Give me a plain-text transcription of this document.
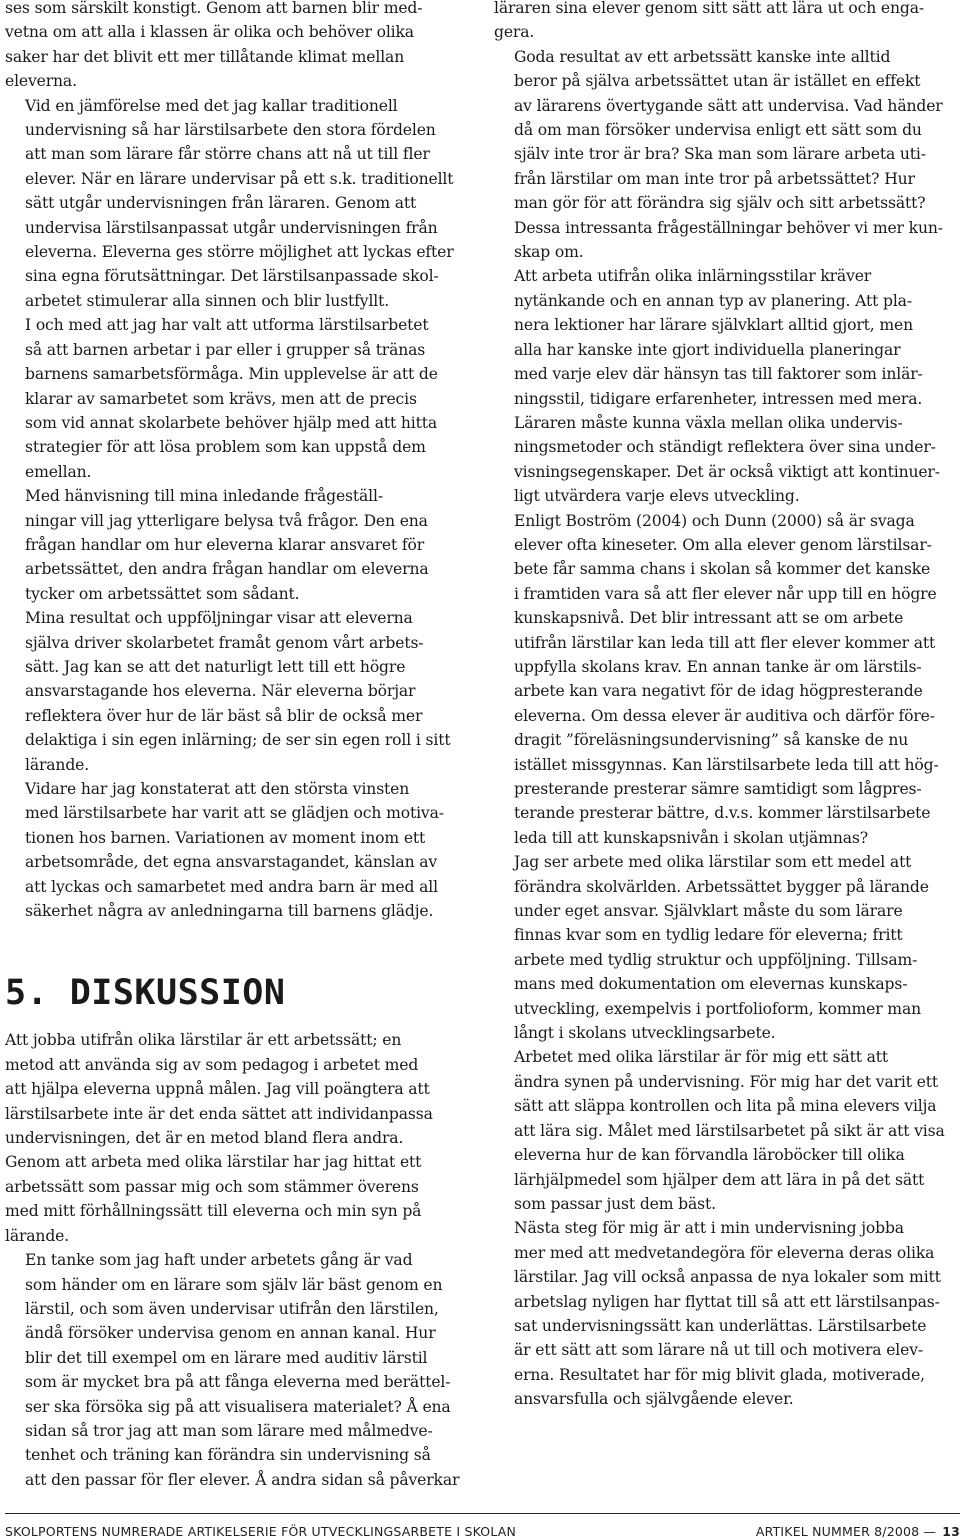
ses som särskilt konstigt. Genom att barnen blir med-
vetna om att alla i klassen är olika och behöver olika
saker har det blivit ett mer tillåtande klimat mellan
eleverna.

Vid en jämförelse med det jag kallar traditionell
undervisning så har lärstilsarbete den stora fördelen
att man som lärare får större chans att nå ut till fler
elever. När en lärare undervisar på ett s.k. traditionellt
sätt utgår undervisningen från läraren. Genom att
undervisa lärstilsanpassat utgår undervisningen från
eleverna. Eleverna ges större möjlighet att lyckas efter
sina egna förutsättningar. Det lärstilsanpassade skol-
arbetet stimulerar alla sinnen och blir lustfyllt.

I och med att jag har valt att utforma lärstilsarbetet
så att barnen arbetar i par eller i grupper så tränas
barnens samarbetsförmåga. Min upplevelse är att de
klarar av samarbetet som krävs, men att de precis
som vid annat skolarbete behöver hjälp med att hitta
strategier för att lösa problem som kan uppstå dem
emellan.

Med hänvisning till mina inledande frågeställ-
ningar vill jag ytterligare belysa två frågor. Den ena
frågan handlar om hur eleverna klarar ansvaret för
arbetssättet, den andra frågan handlar om eleverna
tycker om arbetssättet som sådant.

Mina resultat och uppföljningar visar att eleverna
själva driver skolarbetet framåt genom vårt arbets-
sätt. Jag kan se att det naturligt lett till ett högre
ansvarstagande hos eleverna. När eleverna börjar
reflektera över hur de lär bäst så blir de också mer
delaktiga i sin egen inlärning; de ser sin egen roll i sitt
lärande.

Vidare har jag konstaterat att den största vinsten
med lärstilsarbete har varit att se glädjen och motiva-
tionen hos barnen. Variationen av moment inom ett
arbetsområde, det egna ansvarstagandet, känslan av
att lyckas och samarbetet med andra barn är med all
säkerhet några av anledningarna till barnens glädje.

5. DISKUSSION

Att jobba utifrån olika lärstilar är ett arbetssätt; en
metod att använda sig av som pedagog i arbetet med
att hjälpa eleverna uppnå målen. Jag vill poängtera att
lärstilsarbete inte är det enda sättet att individanpassa
undervisningen, det är en metod bland flera andra.
Genom att arbeta med olika lärstilar har jag hittat ett
arbetssätt som passar mig och som stämmer överens
med mitt förhållningssätt till eleverna och min syn på
lärande.

En tanke som jag haft under arbetets gång är vad
som händer om en lärare som själv lär bäst genom en
lärstil, och som även undervisar utifrån den lärstilen,
ändå försöker undervisa genom en annan kanal. Hur
blir det till exempel om en lärare med auditiv lärstil
som är mycket bra på att fånga eleverna med berättel-
ser ska försöka sig på att visualisera materialet? Å ena
sidan så tror jag att man som lärare med målmedve-
tenhet och träning kan förändra sin undervisning så
att den passar för fler elever. Å andra sidan så påverkar

läraren sina elever genom sitt sätt att lära ut och enga-
gera.

Goda resultat av ett arbetssätt kanske inte alltid
beror på själva arbetssättet utan är istället en effekt
av lärarens övertygande sätt att undervisa. Vad händer
då om man försöker undervisa enligt ett sätt som du
själv inte tror är bra? Ska man som lärare arbeta uti-
från lärstilar om man inte tror på arbetssättet? Hur
man gör för att förändra sig själv och sitt arbetssätt?
Dessa intressanta frågeställningar behöver vi mer kun-
skap om.

Att arbeta utifrån olika inlärningsstilar kräver
nytänkande och en annan typ av planering. Att pla-
nera lektioner har lärare självklart alltid gjort, men
alla har kanske inte gjort individuella planeringar
med varje elev där hänsyn tas till faktorer som inlär-
ningsstil, tidigare erfarenheter, intressen med mera.
Läraren måste kunna växla mellan olika undervis-
ningsmetoder och ständigt reflektera över sina under-
visningsegenskaper. Det är också viktigt att kontinuer-
ligt utvärdera varje elevs utveckling.

Enligt Boström (2004) och Dunn (2000) så är svaga
elever ofta kineseter. Om alla elever genom lärstilsar-
bete får samma chans i skolan så kommer det kanske
i framtiden vara så att fler elever når upp till en högre
kunskapsnivå. Det blir intressant att se om arbete
utifrån lärstilar kan leda till att fler elever kommer att
uppfylla skolans krav. En annan tanke är om lärstils-
arbete kan vara negativt för de idag högpresterande
eleverna. Om dessa elever är auditiva och därför före-
dragit ”föreläsningsundervisning” så kanske de nu
istället missgynnas. Kan lärstilsarbete leda till att hög-
presterande presterar sämre samtidigt som lågpres-
terande presterar bättre, d.v.s. kommer lärstilsarbete
leda till att kunskapsnivån i skolan utjämnas?

Jag ser arbete med olika lärstilar som ett medel att
förändra skolvärlden. Arbetssättet bygger på lärande
under eget ansvar. Självklart måste du som lärare
finnas kvar som en tydlig ledare för eleverna; fritt
arbete med tydlig struktur och uppföljning. Tillsam-
mans med dokumentation om elevernas kunskaps-
utveckling, exempelvis i portfolioform, kommer man
långt i skolans utvecklingsarbete.

Arbetet med olika lärstilar är för mig ett sätt att
ändra synen på undervisning. För mig har det varit ett
sätt att släppa kontrollen och lita på mina elevers vilja
att lära sig. Målet med lärstilsarbetet på sikt är att visa
eleverna hur de kan förvandla läroböcker till olika
lärhjälpmedel som hjälper dem att lära in på det sätt
som passar just dem bäst.

Nästa steg för mig är att i min undervisning jobba
mer med att medvetandegöra för eleverna deras olika
lärstilar. Jag vill också anpassa de nya lokaler som mitt
arbetslag nyligen har flyttat till så att ett lärstilsanpas-
sat undervisningssätt kan underlättas. Lärstilsarbete
är ett sätt att som lärare nå ut till och motivera elev-
erna. Resultatet har för mig blivit glada, motiverade,
ansvarsfulla och självgående elever.

SKOLPORTENS NUMRERADE ARTIKELSERIE FÖR UTVECKLINGSARBETE I SKOLAN	ARTIKEL NUMMER 8/2008 — 13
